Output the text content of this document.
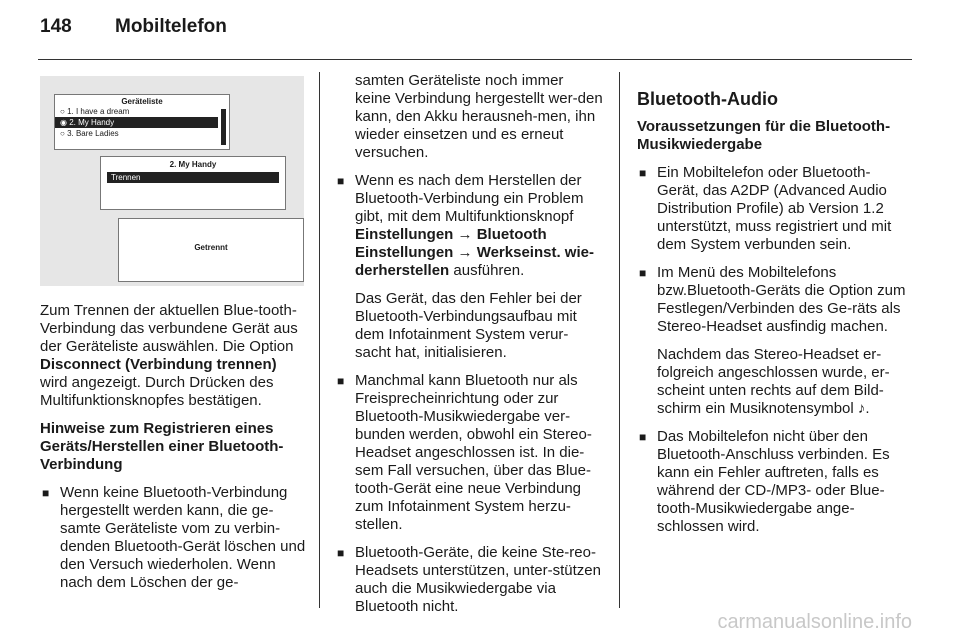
148 Mobiltelefon
Geräteliste
○ 1. I have a dream
◉ 2. My Handy
○ 3. Bare Ladies
2. My Handy
Trennen
Getrennt

Zum Trennen der aktuellen Blue-tooth-Verbindung das verbundene Gerät aus der Geräteliste auswählen. Die Option Disconnect (Verbindung trennen) wird angezeigt. Durch Drücken des Multifunktionsknopfes bestätigen.

Hinweise zum Registrieren eines Geräts/Herstellen einer Bluetooth-Verbindung

■ Wenn keine Bluetooth-Verbindung hergestellt werden kann, die ge-samte Geräteliste vom zu verbin-denden Bluetooth-Gerät löschen und den Versuch wiederholen. Wenn nach dem Löschen der ge-
samten Geräteliste noch immer keine Verbindung hergestellt wer-den kann, den Akku herausneh-men, ihn wieder einsetzen und es erneut versuchen.
■ Wenn es nach dem Herstellen der Bluetooth-Verbindung ein Problem gibt, mit dem Multifunktionsknopf Einstellungen → Bluetooth Einstellungen → Werkseinst. wie-derherstellen ausführen.

Das Gerät, das den Fehler bei der Bluetooth-Verbindungsaufbau mit dem Infotainment System verur-sacht hat, initialisieren.

■ Manchmal kann Bluetooth nur als Freisprecheinrichtung oder zur Bluetooth-Musikwiedergabe ver-bunden werden, obwohl ein Stereo-Headset angeschlossen ist. In die-sem Fall versuchen, über das Blue-tooth-Gerät eine neue Verbindung zum Infotainment System herzu-stellen.
■ Bluetooth-Geräte, die keine Ste-reo-Headsets unterstützen, unter-stützen auch die Musikwiedergabe via Bluetooth nicht.
Bluetooth-Audio

Voraussetzungen für die Bluetooth-Musikwiedergabe

■ Ein Mobiltelefon oder Bluetooth-Gerät, das A2DP (Advanced Audio Distribution Profile) ab Version 1.2 unterstützt, muss registriert und mit dem System verbunden sein.
■ Im Menü des Mobiltelefons bzw.Bluetooth-Geräts die Option zum Festlegen/Verbinden des Ge-räts als Stereo-Headset ausfindig machen.

Nachdem das Stereo-Headset er-folgreich angeschlossen wurde, er-scheint unten rechts auf dem Bild-schirm ein Musiknotensymbol ♪.

■ Das Mobiltelefon nicht über den Bluetooth-Anschluss verbinden. Es kann ein Fehler auftreten, falls es während der CD-/MP3- oder Blue-tooth-Musikwiedergabe ange-schlossen wird.
carmanualsonline.info
